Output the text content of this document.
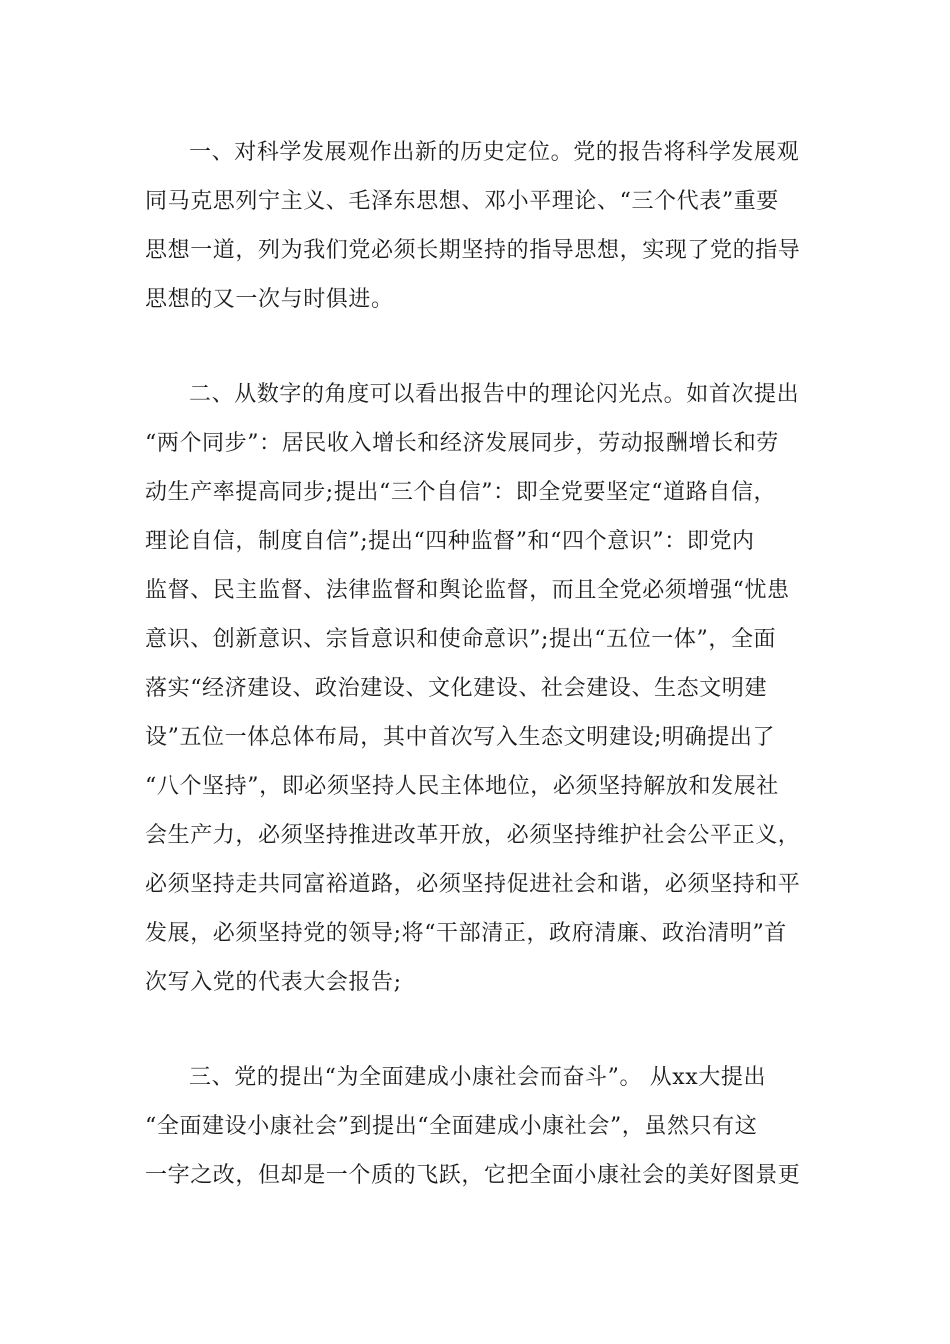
一、对科学发展观作出新的历史定位。党的报告将科学发展观
同马克思列宁主义、毛泽东思想、邓小平理论、“三个代表”重要
思想一道，列为我们党必须长期坚持的指导思想，实现了党的指导
思想的又一次与时俱进。
二、从数字的角度可以看出报告中的理论闪光点。如首次提出
“两个同步”：居民收入增长和经济发展同步，劳动报酬增长和劳
动生产率提高同步;提出“三个自信”：即全党要坚定“道路自信，
理论自信，制度自信”;提出“四种监督”和“四个意识”：即党内
监督、民主监督、法律监督和舆论监督，而且全党必须增强“忧患
意识、创新意识、宗旨意识和使命意识”;提出“五位一体”，全面
落实“经济建设、政治建设、文化建设、社会建设、生态文明建
设”五位一体总体布局，其中首次写入生态文明建设;明确提出了
“八个坚持”，即必须坚持人民主体地位，必须坚持解放和发展社
会生产力，必须坚持推进改革开放，必须坚持维护社会公平正义，
必须坚持走共同富裕道路，必须坚持促进社会和谐，必须坚持和平
发展，必须坚持党的领导;将“干部清正，政府清廉、政治清明”首
次写入党的代表大会报告;
三、党的提出“为全面建成小康社会而奋斗”。 从xx大提出
“全面建设小康社会”到提出“全面建成小康社会”，虽然只有这
一字之改，但却是一个质的飞跃，它把全面小康社会的美好图景更
